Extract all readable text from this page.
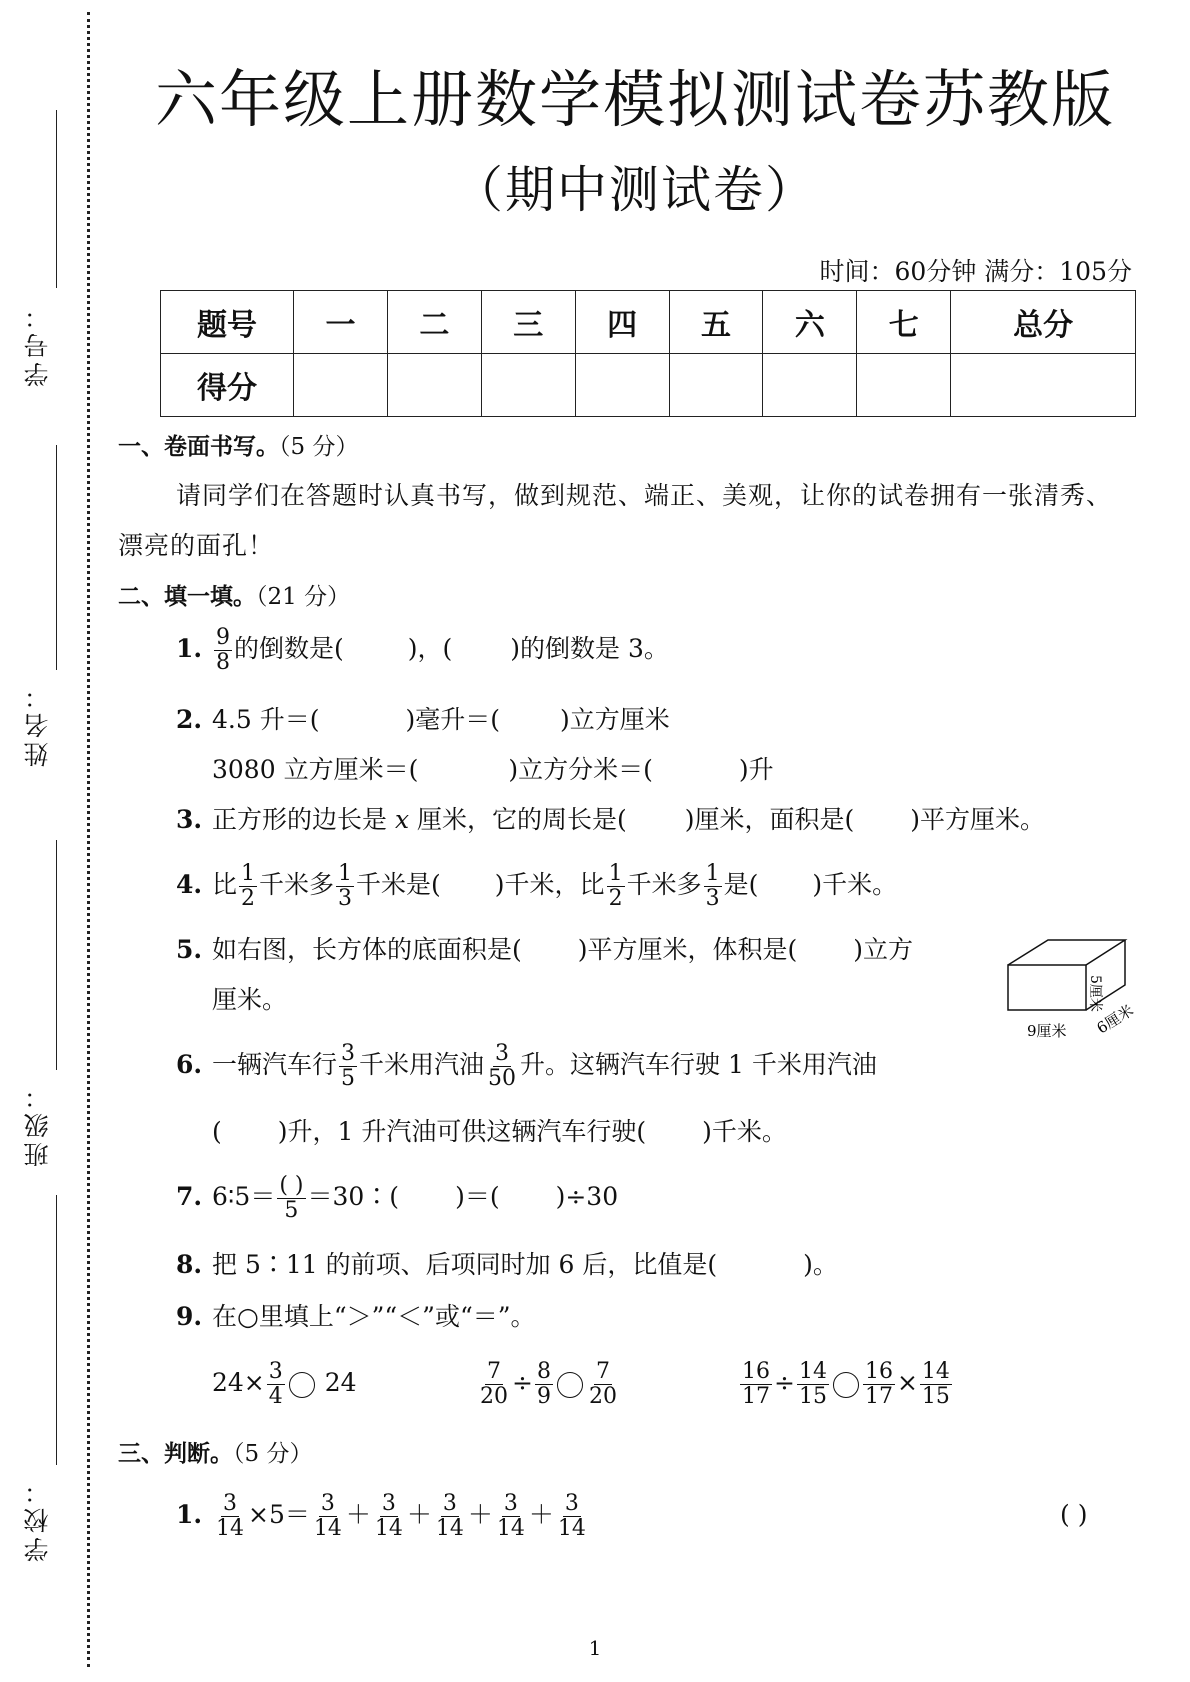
学号：
姓名：
班级：
学校：
六年级上册数学模拟测试卷苏教版
（期中测试卷）
时间：60分钟 满分：105分
题号	一	二	三	四	五	六	七	总分
得分								
一、卷面书写。（5 分）
请同学们在答题时认真书写，做到规范、端正、美观，让你的试卷拥有一张清秀、
漂亮的面孔！
二、填一填。（21 分）
1. $\frac{9}{8}$ 的倒数是(	)，( )的倒数是 3。
2. 4.5 升＝(	)毫升＝( )立方厘米
3080 立方厘米＝(	)立方分米＝(	)升
3. 正方形的边长是 x 厘米，它的周长是( )厘米，面积是( )平方厘米。
4. 比 $\frac{1}{2}$ 千米多 $\frac{1}{3}$ 千米是( )千米，比 $\frac{1}{2}$ 千米多 $\frac{1}{3}$ 是( )千米。
5. 如右图，长方体的底面积是( )平方厘米，体积是( )立方
厘米。
9厘米 6厘米
5厘米
6. 一辆汽车行 $\frac{3}{5}$ 千米用汽油 $\frac{3}{50}$ 升。这辆汽车行驶 1 千米用汽油
( )升，1 升汽油可供这辆汽车行驶( )千米。
7. 6∶5＝ $\frac{( )}{5}$ ＝30∶( )＝( )÷30
8. 把 5∶11 的前项、后项同时加 6 后，比值是(	)。
9. 在○里填上“＞”“＜”或“＝”。
$24\times \frac{3}{4} 24$	$\frac{7}{20} \div \frac{8}{9} \frac{7}{20}$	$\frac{16}{17} \div \frac{14}{15} \frac{16}{17} \times \frac{14}{15}$
三、判断。（5 分）
1. $\frac{3}{14} \times 5= \frac{3}{14} + \frac{3}{14} + \frac{3}{14} + \frac{3}{14} + \frac{3}{14}$	( )
1
